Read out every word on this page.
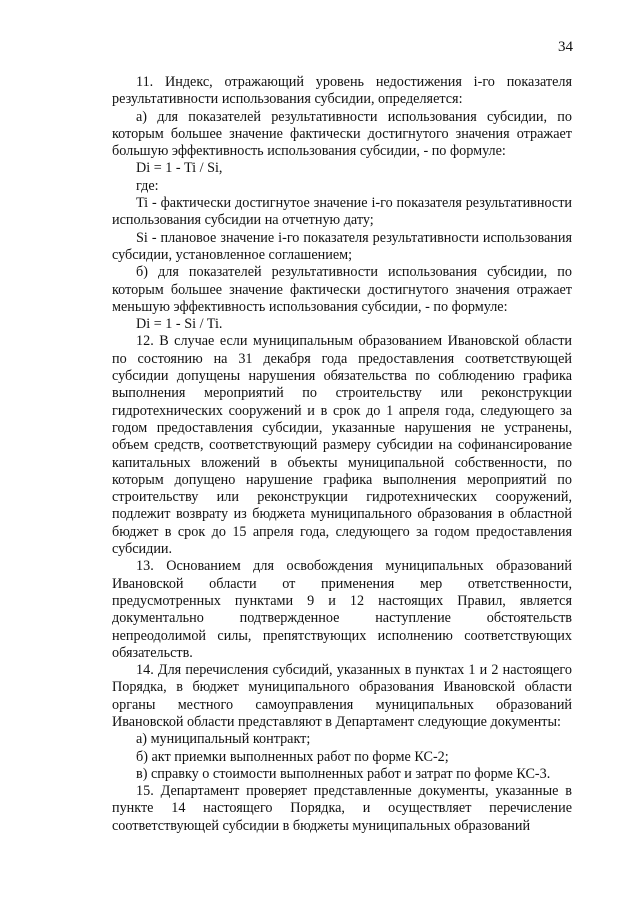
34

11. Индекс, отражающий уровень недостижения i-го показателя результативности использования субсидии, определяется:

а) для показателей результативности использования субсидии, по которым большее значение фактически достигнутого значения отражает большую эффективность использования субсидии, - по формуле:

Di = 1 - Ti / Si,

где:

Ti - фактически достигнутое значение i-го показателя результативности использования субсидии на отчетную дату;

Si - плановое значение i-го показателя результативности использования субсидии, установленное соглашением;

б) для показателей результативности использования субсидии, по которым большее значение фактически достигнутого значения отражает меньшую эффективность использования субсидии, - по формуле:

Di = 1 - Si / Ti.

12. В случае если муниципальным образованием Ивановской области по состоянию на 31 декабря года предоставления соответствующей субсидии допущены нарушения обязательства по соблюдению графика выполнения мероприятий по строительству или реконструкции гидротехнических сооружений и в срок до 1 апреля года, следующего за годом предоставления субсидии, указанные нарушения не устранены, объем средств, соответствующий размеру субсидии на софинансирование капитальных вложений в объекты муниципальной собственности, по которым допущено нарушение графика выполнения мероприятий по строительству или реконструкции гидротехнических сооружений, подлежит возврату из бюджета муниципального образования в областной бюджет в срок до 15 апреля года, следующего за годом предоставления субсидии.

13. Основанием для освобождения муниципальных образований Ивановской области от применения мер ответственности, предусмотренных пунктами 9 и 12 настоящих Правил, является документально подтвержденное наступление обстоятельств непреодолимой силы, препятствующих исполнению соответствующих обязательств.

14. Для перечисления субсидий, указанных в пунктах 1 и 2 настоящего Порядка, в бюджет муниципального образования Ивановской области органы местного самоуправления муниципальных образований Ивановской области представляют в Департамент следующие документы:

а) муниципальный контракт;

б) акт приемки выполненных работ по форме КС-2;

в) справку о стоимости выполненных работ и затрат по форме КС-3.

15. Департамент проверяет представленные документы, указанные в пункте 14 настоящего Порядка, и осуществляет перечисление соответствующей субсидии в бюджеты муниципальных образований
